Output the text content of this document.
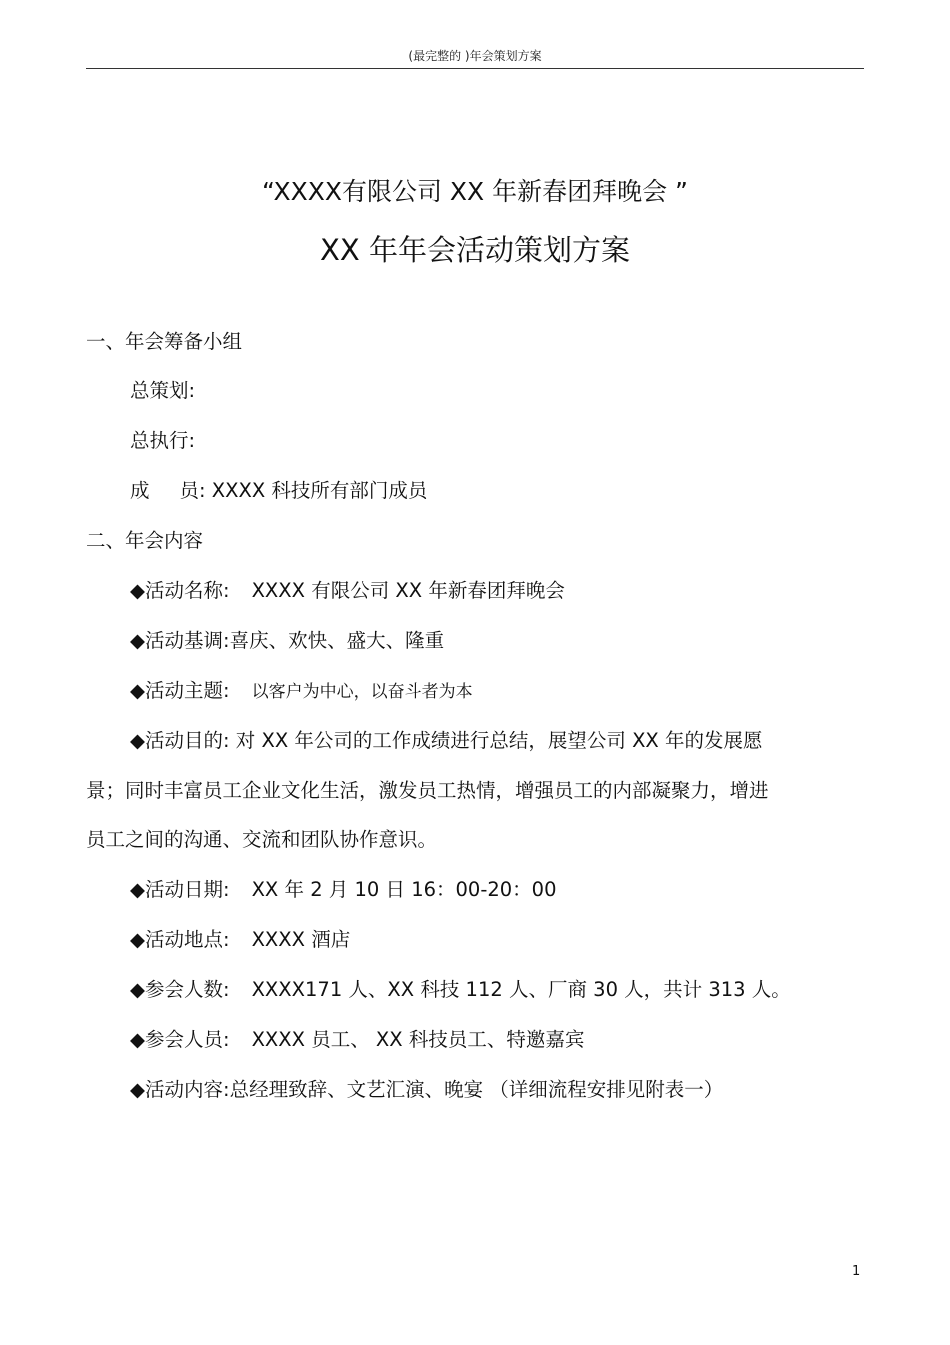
(最完整的 )年会策划方案
“XXXX有限公司 XX 年新春团拜晚会 ”
XX 年年会活动策划方案
一、年会筹备小组
总策划:
总执行:
成 员: XXXX 科技所有部门成员
二、年会内容
◆活动名称: XXXX 有限公司 XX 年新春团拜晚会
◆活动基调:喜庆、欢快、盛大、隆重
◆活动主题: 以客户为中心，以奋斗者为本
◆活动目的: 对 XX 年公司的工作成绩进行总结，展望公司 XX 年的发展愿
景；同时丰富员工企业文化生活，激发员工热情，增强员工的内部凝聚力，增进
员工之间的沟通、交流和团队协作意识。
◆活动日期: XX 年 2 月 10 日 16：00-20：00
◆活动地点: XXXX 酒店
◆参会人数: XXXX171 人、XX 科技 112 人、厂商 30 人，共计 313 人。
◆参会人员: XXXX 员工、 XX 科技员工、特邀嘉宾
◆活动内容:总经理致辞、文艺汇演、晚宴 （详细流程安排见附表一）
1
